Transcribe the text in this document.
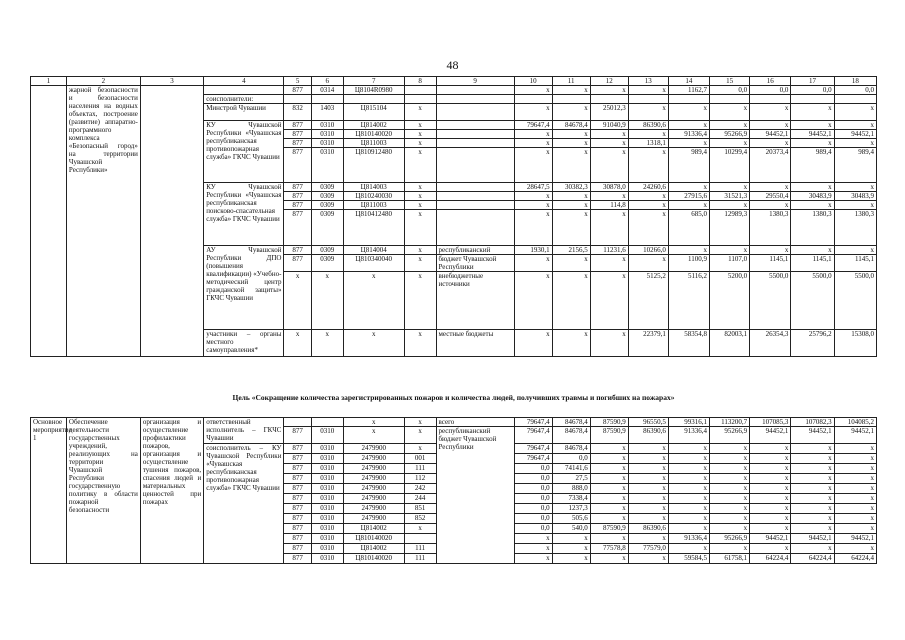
48
1	2	3	4	5	6	7	8	9	10	11	12	13	14	15	16	17	18
	жарной безопасности и безопасности населения на водных объектах, построение (развитие) аппаратно-программного комплекса «Безопасный город» на территории Чувашской Республики»			877	0314	Ц8104R0980			x	x	x	x	1162,7	0,0	0,0	0,0	0,0
			соисполнители:														
			Минстрой Чувашии	832	1403	Ц815104	x		x	x	25012,3	x	x	x	x	x	x
			КУ Чувашской Республики «Чувашская республиканская противопожарная служба» ГКЧС Чувашии	877	0310	Ц814002	x		79647,4	84678,4	91040,9	86390,6	x	x	x	x	x
				877	0310	Ц810140020	x		x	x	x	x	91336,4	95266,9	94452,1	94452,1	94452,1
				877	0310	Ц811003	x		x	x	x	1318,1	x	x	x	x	x
				877	0310	Ц810912480	x		x	x	x	x	989,4	10299,4	20373,4	989,4	989,4
			КУ Чувашской Республики «Чувашская республиканская поисково-спасательная служба» ГКЧС Чувашии	877	0309	Ц814003	x		28647,5	30382,3	30878,0	24260,6	x	x	x	x	x
				877	0309	Ц810240030	x		x	x	x	x	27915,6	31521,3	29550,4	30483,9	30483,9
				877	0309	Ц811003	x		x	x	114,8	x	x	x	x	x	x
				877	0309	Ц810412480	x		x	x	x	x	685,0	12989,3	1380,3	1380,3	1380,3
			АУ Чувашской Республики ДПО (повышения квалификации) «Учебно-методический центр гражданской защиты» ГКЧС Чувашии	877	0309	Ц814004	x	республиканский	1930,1	2156,5	11231,6	10266,0	x	x	x	x	x
				877	0309	Ц810340040	x	бюджет Чувашской Республики	x	x	x	x	1100,9	1107,0	1145,1	1145,1	1145,1
				x	x	x	x	внебюджетные источники	x	x	x	5125,2	5116,2	5200,0	5500,0	5500,0	5500,0
			участники – органы местного самоуправления*	x	x	x	x	местные бюджеты	x	x	x	22379,1	58354,8	82003,1	26354,3	25796,2	15308,0
Цель «Сокращение количества зарегистрированных пожаров и количества людей, получивших травмы и погибших на пожарах»
Основное мероприятие 1	Обеспечение деятельности государственных учреждений, реализующих на территории Чувашской Республики государственную политику в области пожарной безопасности	организация и осуществление профилактики пожаров, организация и осуществление тушения пожаров, спасения людей и материальных ценностей при пожарах	ответственный исполнитель – ГКЧС Чувашии			x	x	всего	79647,4	84678,4	87590,9	96550,5	99316,1	113200,7	107085,3	107082,3	104085,2
				877	0310	x	x	республиканский бюджет Чувашской Республики	79647,4	84678,4	87590,9	86390,6	91336,4	95266,9	94452,1	94452,1	94452,1
			соисполнитель – КУ Чувашской Республики «Чувашская республиканская противопожарная служба» ГКЧС Чувашии	877	0310	2479900	x		79647,4	84678,4	x	x	x	x	x	x	x
				877	0310	2479900	001		79647,4	0,0	x	x	x	x	x	x	x
				877	0310	2479900	111		0,0	74141,6	x	x	x	x	x	x	x
				877	0310	2479900	112		0,0	27,5	x	x	x	x	x	x	x
				877	0310	2479900	242		0,0	888,0	x	x	x	x	x	x	x
				877	0310	2479900	244		0,0	7338,4	x	x	x	x	x	x	x
				877	0310	2479900	851		0,0	1237,3	x	x	x	x	x	x	x
				877	0310	2479900	852		0,0	505,6	x	x	x	x	x	x	x
				877	0310	Ц814002	x		0,0	540,0	87590,9	86390,6	x	x	x	x	x
				877	0310	Ц810140020			x	x	x	x	91336,4	95266,9	94452,1	94452,1	94452,1
				877	0310	Ц814002	111		x	x	77578,8	77579,0	x	x	x	x	x
				877	0310	Ц810140020	111		x	x	x	x	59584,5	61758,1	64224,4	64224,4	64224,4
